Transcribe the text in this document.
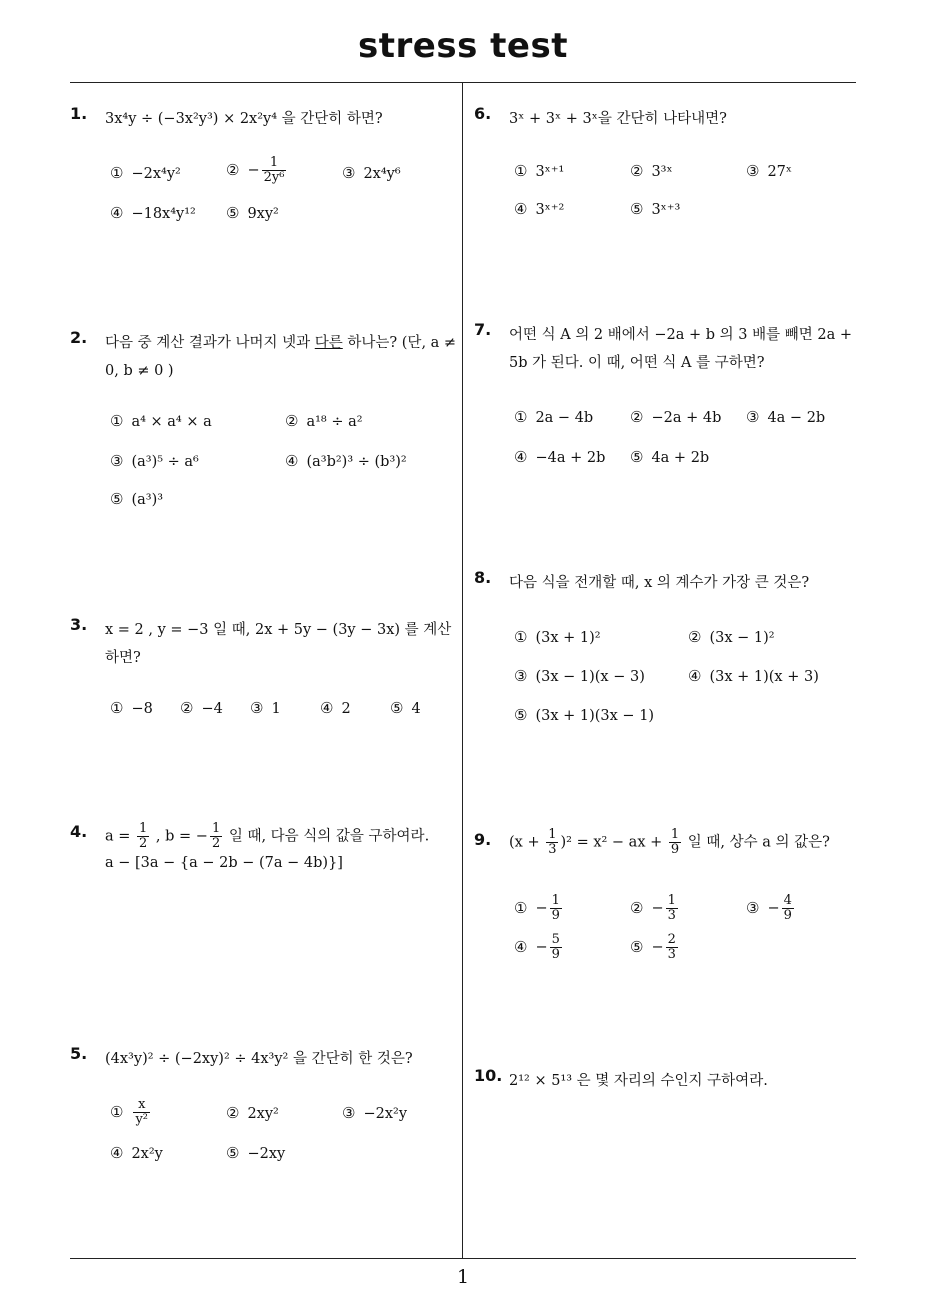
stress test
1
1. 3x⁴y ÷ (−3x²y³) × 2x²y⁴ 을 간단히 하면?
① −2x⁴y²	② − $\frac{1}{\text{2y⁶}}$	③ 2x⁴y⁶
④ −18x⁴y¹² ⑤ 9xy²
2. 다음 중 계산 결과가 나머지 넷과 다른 하나는? (단, a ≠ 0, b ≠ 0 )
① a⁴ × a⁴ × a	② a¹⁸ ÷ a²
③ (a³)⁵ ÷ a⁶	④ (a³b²)³ ÷ (b³)²
⑤ (a³)³
3. x = 2 , y = −3 일 때, 2x + 5y − (3y − 3x) 를 계산하면?
① −8 ② −4 ③ 1	④ 2	⑤ 4
4. $a = \frac{1}{2}$ , b = − $\frac{1}{2}$ 일 때, 다음 식의 값을 구하여라.
a − [3a − {a − 2b − (7a − 4b)}]
5. (4x³y)² ÷ (−2xy)² ÷ 4x³y² 을 간단히 한 것은?
① $\frac{x}{\text{y²}}$	② 2xy²	③ −2x²y
④ 2x²y	⑤ −2xy
6. 3ˣ + 3ˣ + 3ˣ을 간단히 나타내면?
① 3ˣ⁺¹	② 3³ˣ	③ 27ˣ
④ 3ˣ⁺²	⑤ 3ˣ⁺³
7. 어떤 식 A 의 2 배에서 −2a + b 의 3 배를 빼면 2a + 5b 가 된다. 이 때, 어떤 식 A 를 구하면?
① 2a − 4b ② −2a + 4b ③ 4a − 2b
④ −4a + 2b ⑤ 4a + 2b
8. 다음 식을 전개할 때, x 의 계수가 가장 큰 것은?
① (3x + 1)²	② (3x − 1)²
③ (3x − 1)(x − 3)	④ (3x + 1)(x + 3)
⑤ (3x + 1)(3x − 1)
9. $(x + \frac{1}{3} )^2 = x^2$ − ax + $\frac{1}{9}$ 일 때, 상수 a 의 값은?
① − $\frac{1}{9}$	② − $\frac{1}{3}$	③ − $\frac{4}{9}$
④ − $\frac{5}{9}$	⑤ − $\frac{2}{3}$
10. 2¹² × 5¹³ 은 몇 자리의 수인지 구하여라.
